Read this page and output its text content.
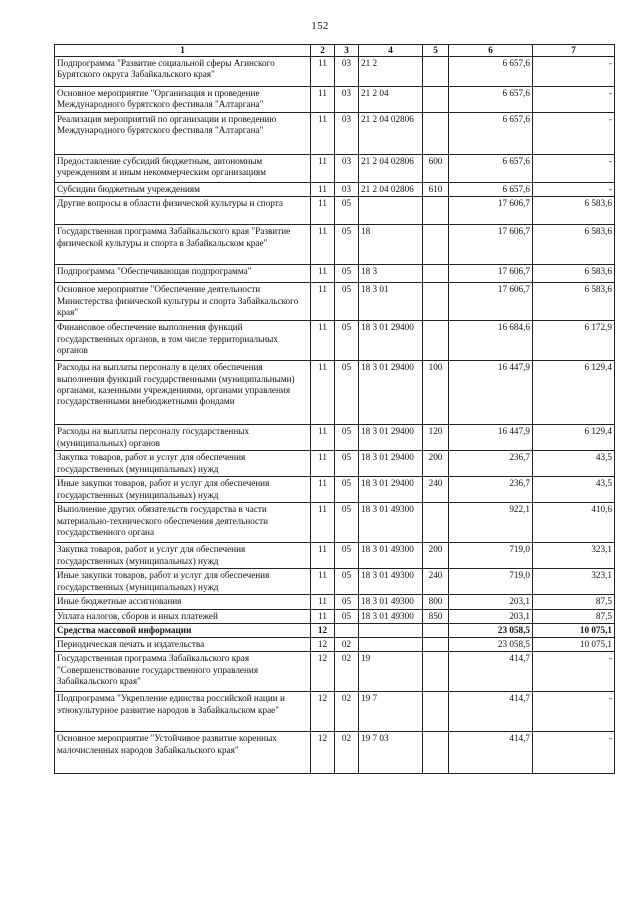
152
1	2	3	4	5	6	7
Подпрограмма "Развитие социальной сферы Агинского Бурятского округа Забайкальского края"	11	03	21 2		6 657,6	-
Основное мероприятие "Организация и проведение Международного бурятского фестиваля "Алтаргана"	11	03	21 2 04		6 657,6	-
Реализация мероприятий по организации и проведению Международного бурятского фестиваля "Алтаргана"	11	03	21 2 04 02806		6 657,6	-
Предоставление субсидий бюджетным, автономным учреждениям и иным некоммерческим организациям	11	03	21 2 04 02806	600	6 657,6	-
Субсидии бюджетным учреждениям	11	03	21 2 04 02806	610	6 657,6	-
Другие вопросы в области физической культуры и спорта	11	05			17 606,7	6 583,6
Государственная программа Забайкальского края "Развитие физической культуры и спорта в Забайкальском крае"	11	05	18		17 606,7	6 583,6
Подпрограмма "Обеспечивающая подпрограмма"	11	05	18 3		17 606,7	6 583,6
Основное мероприятие "Обеспечение деятельности Министерства физической культуры и спорта Забайкальского края"	11	05	18 3 01		17 606,7	6 583,6
Финансовое обеспечение выполнения функций государственных органов, в том числе территориальных органов	11	05	18 3 01 29400		16 684,6	6 172,9
Расходы на выплаты персоналу в целях обеспечения выполнения функций государственными (муниципальными) органами, казенными учреждениями, органами управления государственными внебюджетными фондами	11	05	18 3 01 29400	100	16 447,9	6 129,4
Расходы на выплаты персоналу государственных (муниципальных) органов	11	05	18 3 01 29400	120	16 447,9	6 129,4
Закупка товаров, работ и услуг для обеспечения государственных (муниципальных) нужд	11	05	18 3 01 29400	200	236,7	43,5
Иные закупки товаров, работ и услуг для обеспечения государственных (муниципальных) нужд	11	05	18 3 01 29400	240	236,7	43,5
Выполнение других обязательств государства в части материально-технического обеспечения деятельности государственного органа	11	05	18 3 01 49300		922,1	410,6
Закупка товаров, работ и услуг для обеспечения государственных (муниципальных) нужд	11	05	18 3 01 49300	200	719,0	323,1
Иные закупки товаров, работ и услуг для обеспечения государственных (муниципальных) нужд	11	05	18 3 01 49300	240	719,0	323,1
Иные бюджетные ассигнования	11	05	18 3 01 49300	800	203,1	87,5
Уплата налогов, сборов и иных платежей	11	05	18 3 01 49300	850	203,1	87,5
Средства массовой информации	12				23 058,5	10 075,1
Периодическая печать и издательства	12	02			23 058,5	10 075,1
Государственная программа Забайкальского края "Совершенствование государственного управления Забайкальского края"	12	02	19		414,7	-
Подпрограмма "Укрепление единства российской нации и этнокультурное развитие народов в Забайкальском крае"	12	02	19 7		414,7	-
Основное мероприятие "Устойчивое развитие коренных малочисленных народов Забайкальского края"	12	02	19 7 03		414,7	-
